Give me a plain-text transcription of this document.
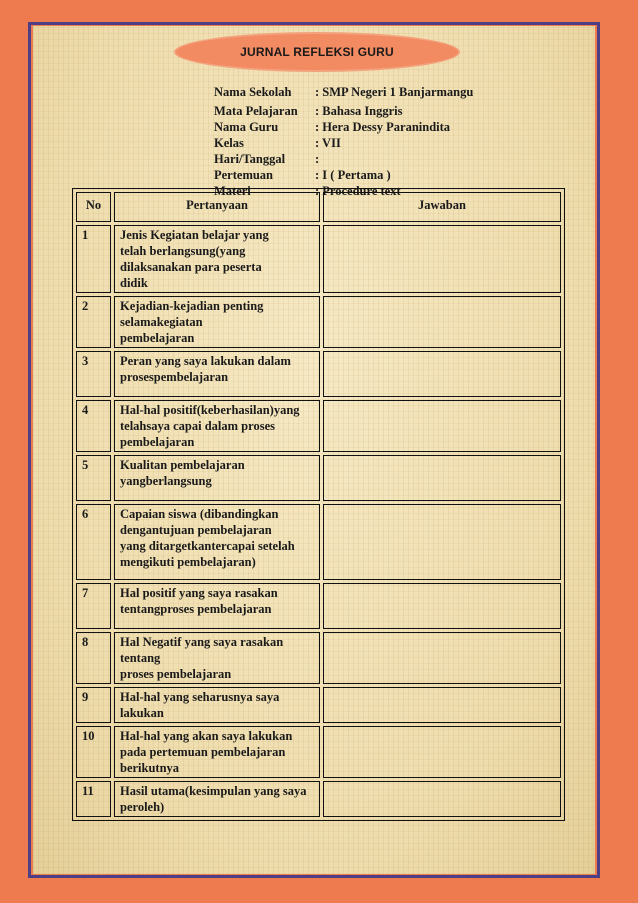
JURNAL REFLEKSI GURU
Nama Sekolah	: SMP Negeri 1 Banjarmangu
Mata Pelajaran	: Bahasa Inggris
Nama Guru	: Hera Dessy Paranindita
Kelas	: VII
Hari/Tanggal	:
Pertemuan	: I ( Pertama )
Materi	: Procedure text
No	Pertanyaan	Jawaban
1	Jenis Kegiatan belajar yang
telah berlangsung(yang
dilaksanakan para peserta
didik	

2	Kejadian-kejadian penting
selamakegiatan
pembelajaran	

3	Peran yang saya lakukan dalam
prosespembelajaran	

4	Hal-hal positif(keberhasilan)yang
telahsaya capai dalam proses
pembelajaran	

5	Kualitan pembelajaran
yangberlangsung	

6	Capaian siswa (dibandingkan
dengantujuan pembelajaran
yang ditargetkantercapai setelah
mengikuti pembelajaran)	

7	Hal positif yang saya rasakan
tentangproses pembelajaran	

8	Hal Negatif yang saya rasakan
tentang
proses pembelajaran	

9	Hal-hal yang seharusnya saya
lakukan	

10	Hal-hal yang akan saya lakukan
pada pertemuan pembelajaran
berikutnya	

11	Hasil utama(kesimpulan yang saya
peroleh)	
